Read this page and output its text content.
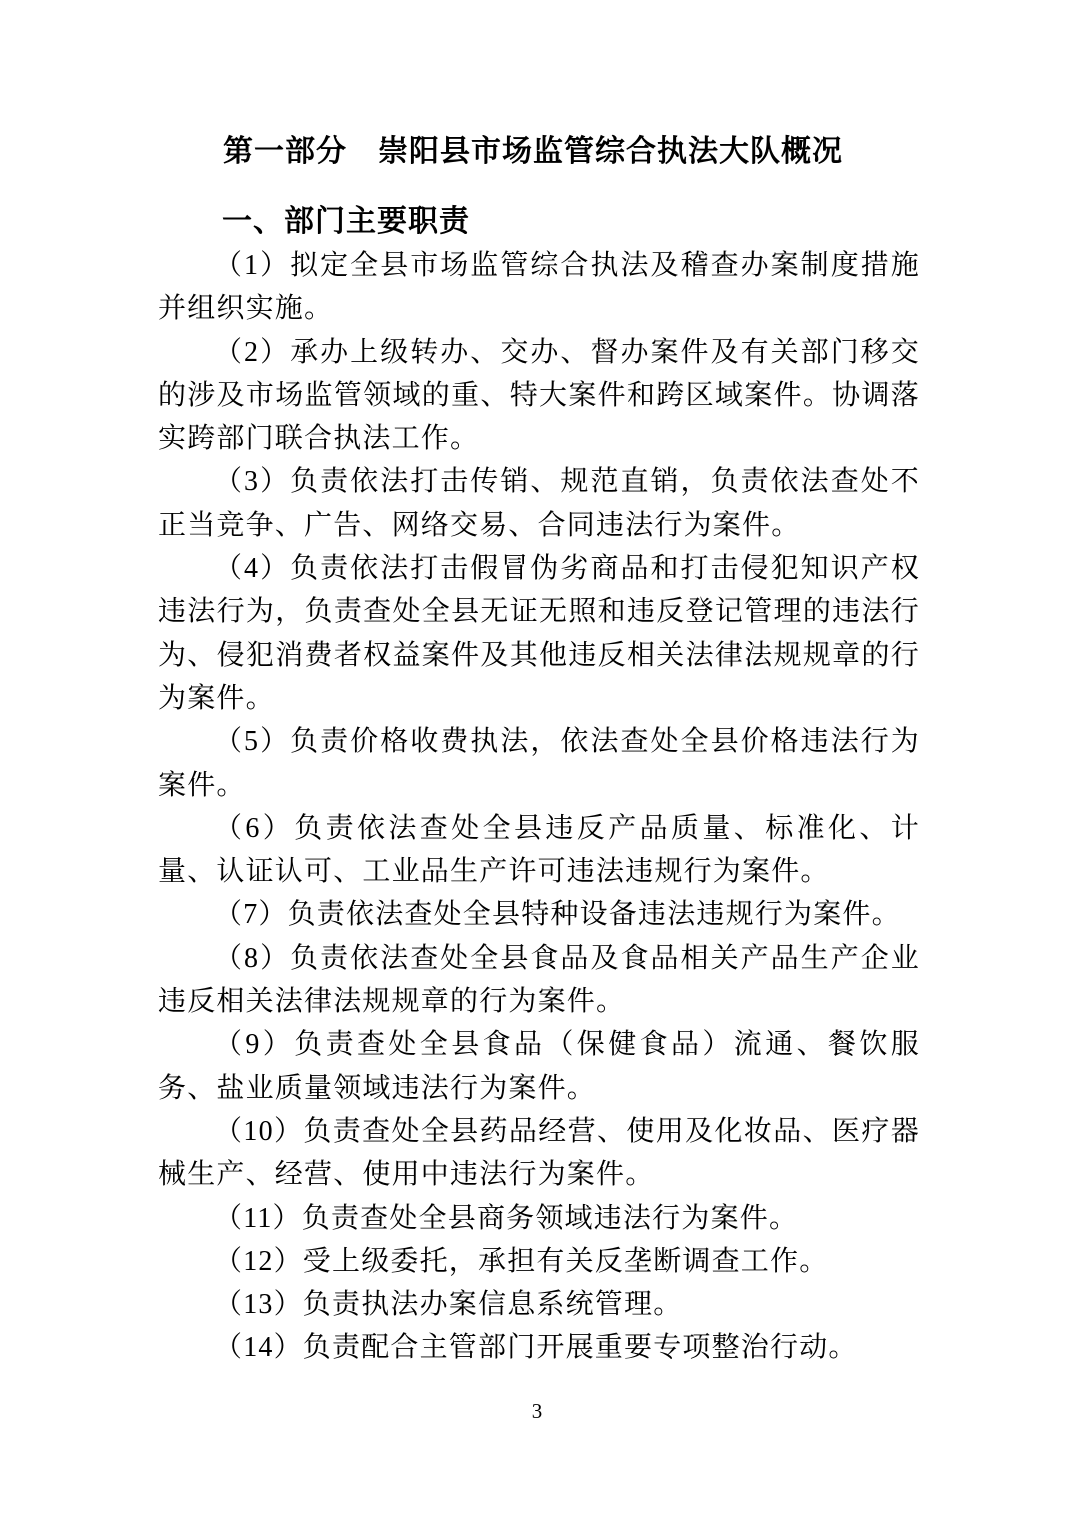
第一部分　崇阳县市场监管综合执法大队概况
一、部门主要职责

（1）拟定全县市场监管综合执法及稽查办案制度措施并组织实施。

（2）承办上级转办、交办、督办案件及有关部门移交的涉及市场监管领域的重、特大案件和跨区域案件。协调落实跨部门联合执法工作。

（3）负责依法打击传销、规范直销，负责依法查处不正当竞争、广告、网络交易、合同违法行为案件。

（4）负责依法打击假冒伪劣商品和打击侵犯知识产权违法行为，负责查处全县无证无照和违反登记管理的违法行为、侵犯消费者权益案件及其他违反相关法律法规规章的行为案件。

（5）负责价格收费执法，依法查处全县价格违法行为案件。

（6）负责依法查处全县违反产品质量、标准化、计量、认证认可、工业品生产许可违法违规行为案件。

（7）负责依法查处全县特种设备违法违规行为案件。

（8）负责依法查处全县食品及食品相关产品生产企业违反相关法律法规规章的行为案件。

（9）负责查处全县食品（保健食品）流通、餐饮服务、盐业质量领域违法行为案件。

（10）负责查处全县药品经营、使用及化妆品、医疗器械生产、经营、使用中违法行为案件。

（11）负责查处全县商务领域违法行为案件。

（12）受上级委托，承担有关反垄断调查工作。

（13）负责执法办案信息系统管理。

（14）负责配合主管部门开展重要专项整治行动。

3
